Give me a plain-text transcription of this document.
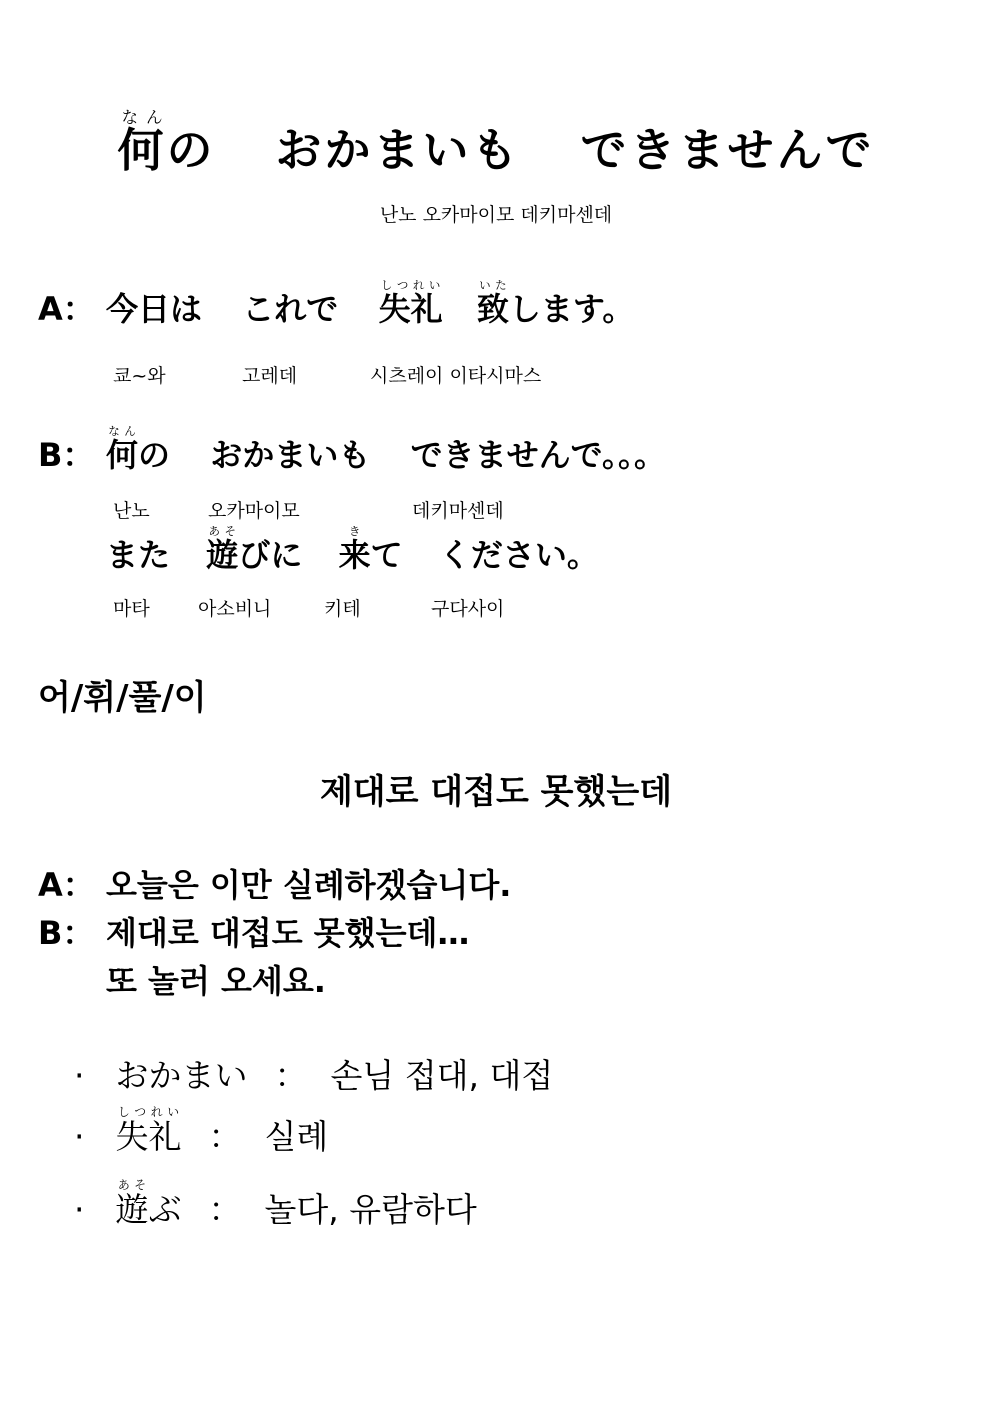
何なんの おかまいも できませんで
난노 오카마이모 데키마센데
A： 今日は これで 失礼しつれい  致いたします。
쿄~와	고레데	시츠레이 이타시마스
B： 何なんの おかまいも できませんで。。。
난노	오카마이모	데키마센데
また 遊あそびに 来きて ください。
마타	아소비니	키테	구다사이
어/휘/풀/이
제대로 대접도 못했는데
A： 오늘은 이만 실례하겠습니다.
B： 제대로 대접도 못했는데…
또 놀러 오세요.
· おかまい ： 손님 접대, 대접
· 失礼しつれい  ： 실례
· 遊あそぶ ： 놀다, 유람하다
